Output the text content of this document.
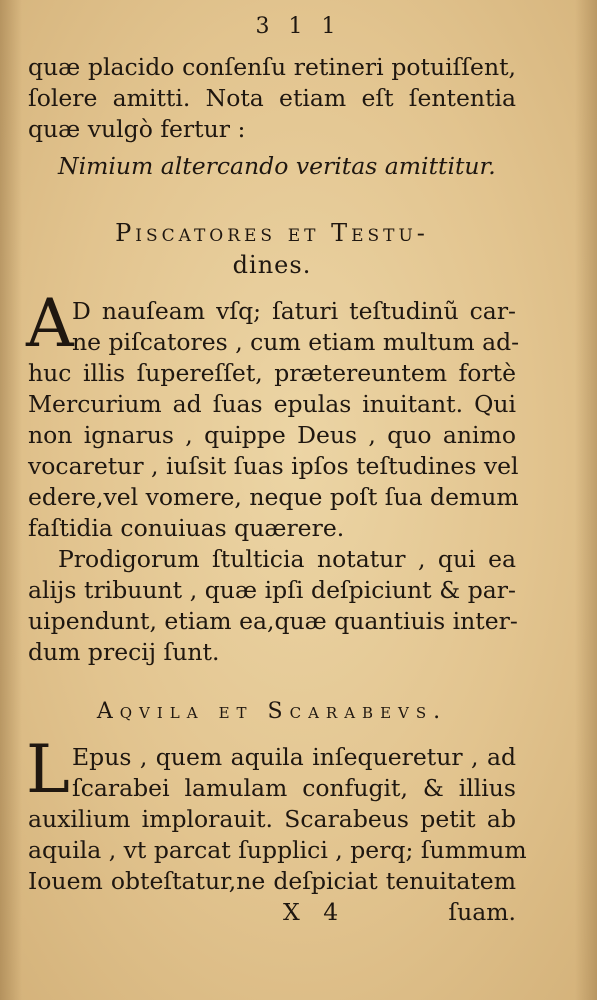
3 1 1
quæ placido conſenſu retineri potuiſſent,
ſolere amitti. Nota etiam eſt ſententia
quæ vulgò fertur :
Nimium altercando veritas amittitur.
Piscatores et Testu-
dines.
A
D nauſeam vſq; ſaturi teſtudinũ car-
ne piſcatores , cum etiam multum ad-
huc illis ſupereſſet, prætereuntem fortè
Mercurium ad ſuas epulas inuitant. Qui
non ignarus , quippe Deus , quo animo
vocaretur , iuſsit ſuas ipſos teſtudines vel
edere,vel vomere, neque poſt ſua demum
faſtidia conuiuas quærere.
Prodigorum ſtulticia notatur , qui ea
alijs tribuunt , quæ ipſi deſpiciunt & par-
uipendunt, etiam ea,quæ quantiuis inter-
dum precij ſunt.
Aqvila et Scarabevs.
L Epus , quem aquila inſequeretur , ad
ſcarabei lamulam confugit, & illius
auxilium implorauit. Scarabeus petit ab
aquila , vt parcat ſupplici , perq; ſummum
Iouem obteſtatur,ne deſpiciat tenuitatem
X 4	ſuam.
